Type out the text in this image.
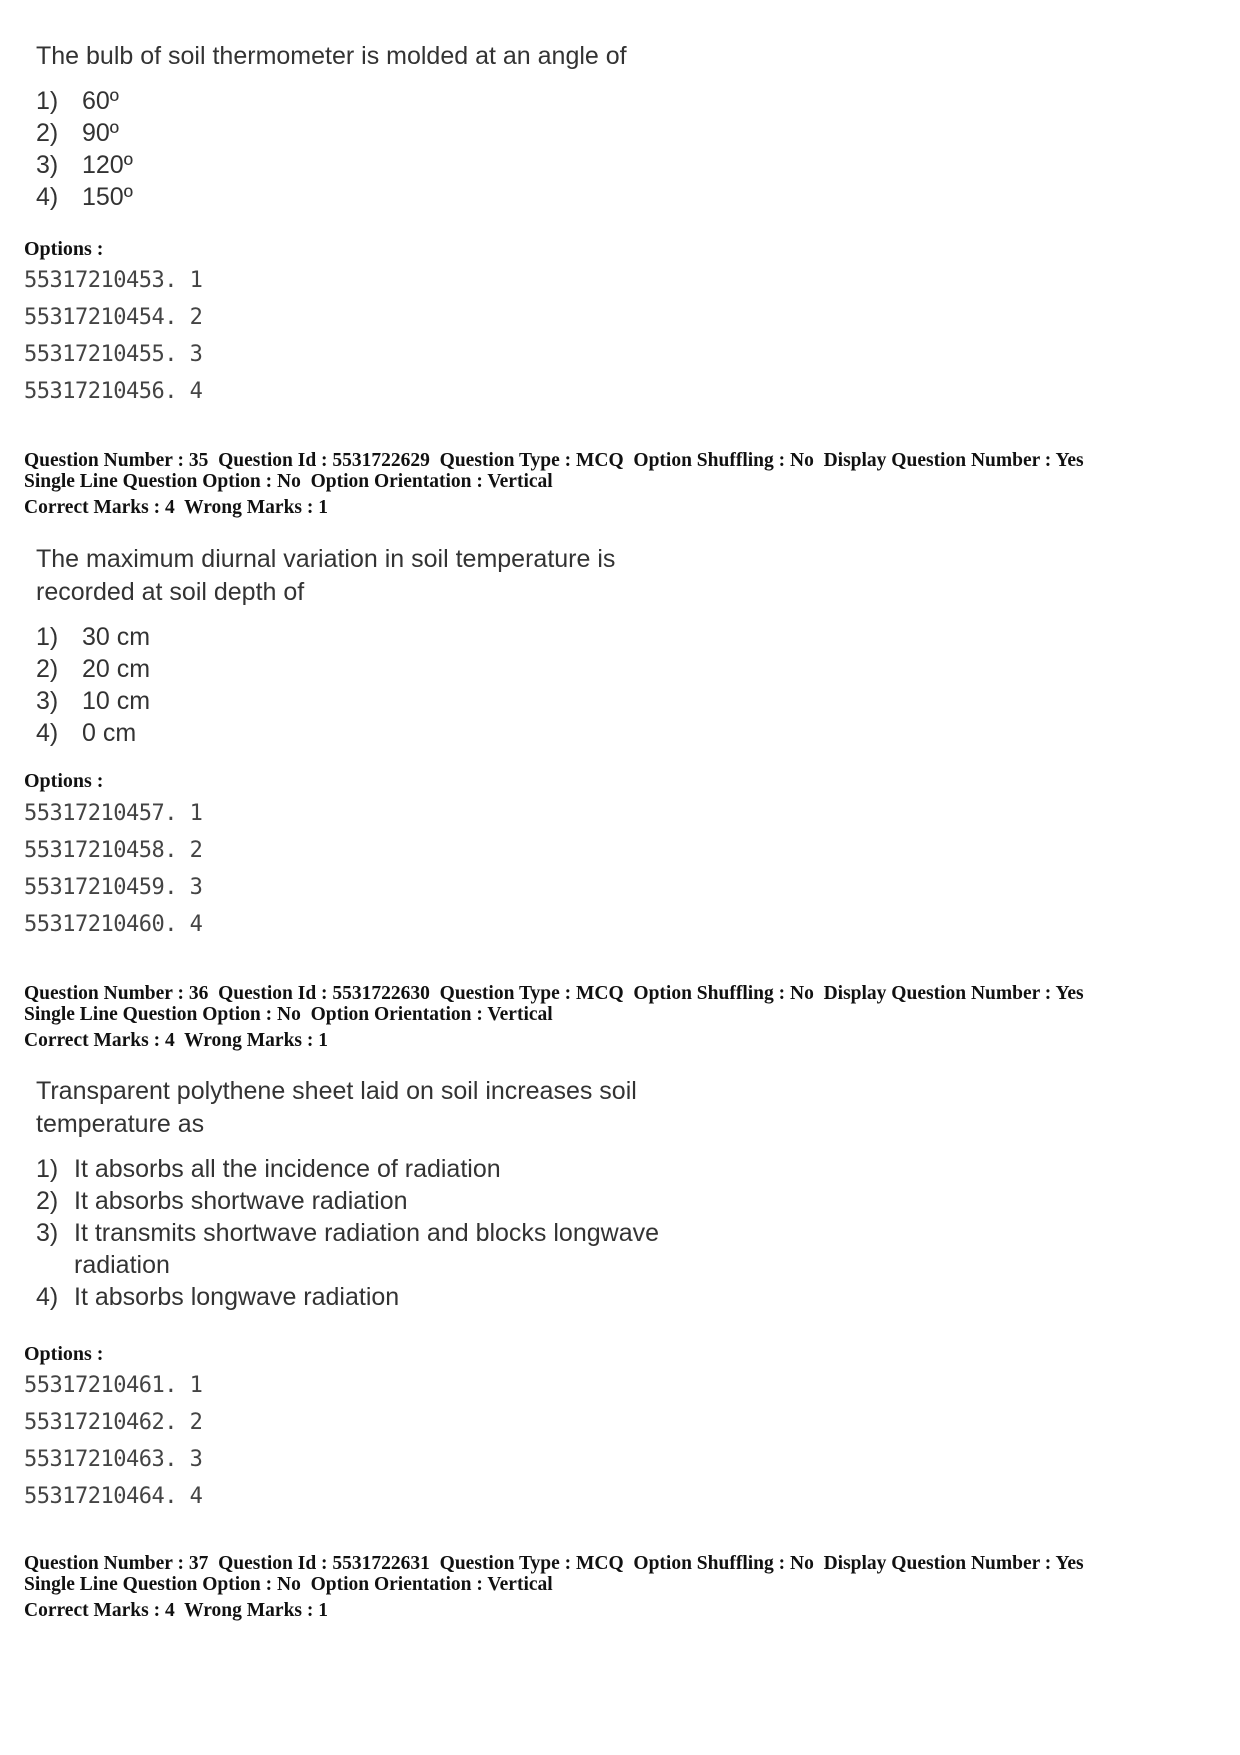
The bulb of soil thermometer is molded at an angle of

1) 60º
2) 90º
3) 120º
4) 150º
Options :
55317210453. 1
55317210454. 2
55317210455. 3
55317210456. 4

Question Number : 35  Question Id : 5531722629  Question Type : MCQ  Option Shuffling : No  Display Question Number : Yes

Single Line Question Option : No  Option Orientation : Vertical

Correct Marks : 4  Wrong Marks : 1

The maximum diurnal variation in soil temperature is recorded at soil depth of

1) 30 cm
2) 20 cm
3) 10 cm
4) 0 cm
Options :
55317210457. 1
55317210458. 2
55317210459. 3
55317210460. 4

Question Number : 36  Question Id : 5531722630  Question Type : MCQ  Option Shuffling : No  Display Question Number : Yes

Single Line Question Option : No  Option Orientation : Vertical

Correct Marks : 4  Wrong Marks : 1

Transparent polythene sheet laid on soil increases soil temperature as

1) It absorbs all the incidence of radiation
2) It absorbs shortwave radiation
3) It transmits shortwave radiation and blocks longwave radiation
4) It absorbs longwave radiation
Options :
55317210461. 1
55317210462. 2
55317210463. 3
55317210464. 4

Question Number : 37  Question Id : 5531722631  Question Type : MCQ  Option Shuffling : No  Display Question Number : Yes

Single Line Question Option : No  Option Orientation : Vertical

Correct Marks : 4  Wrong Marks : 1
